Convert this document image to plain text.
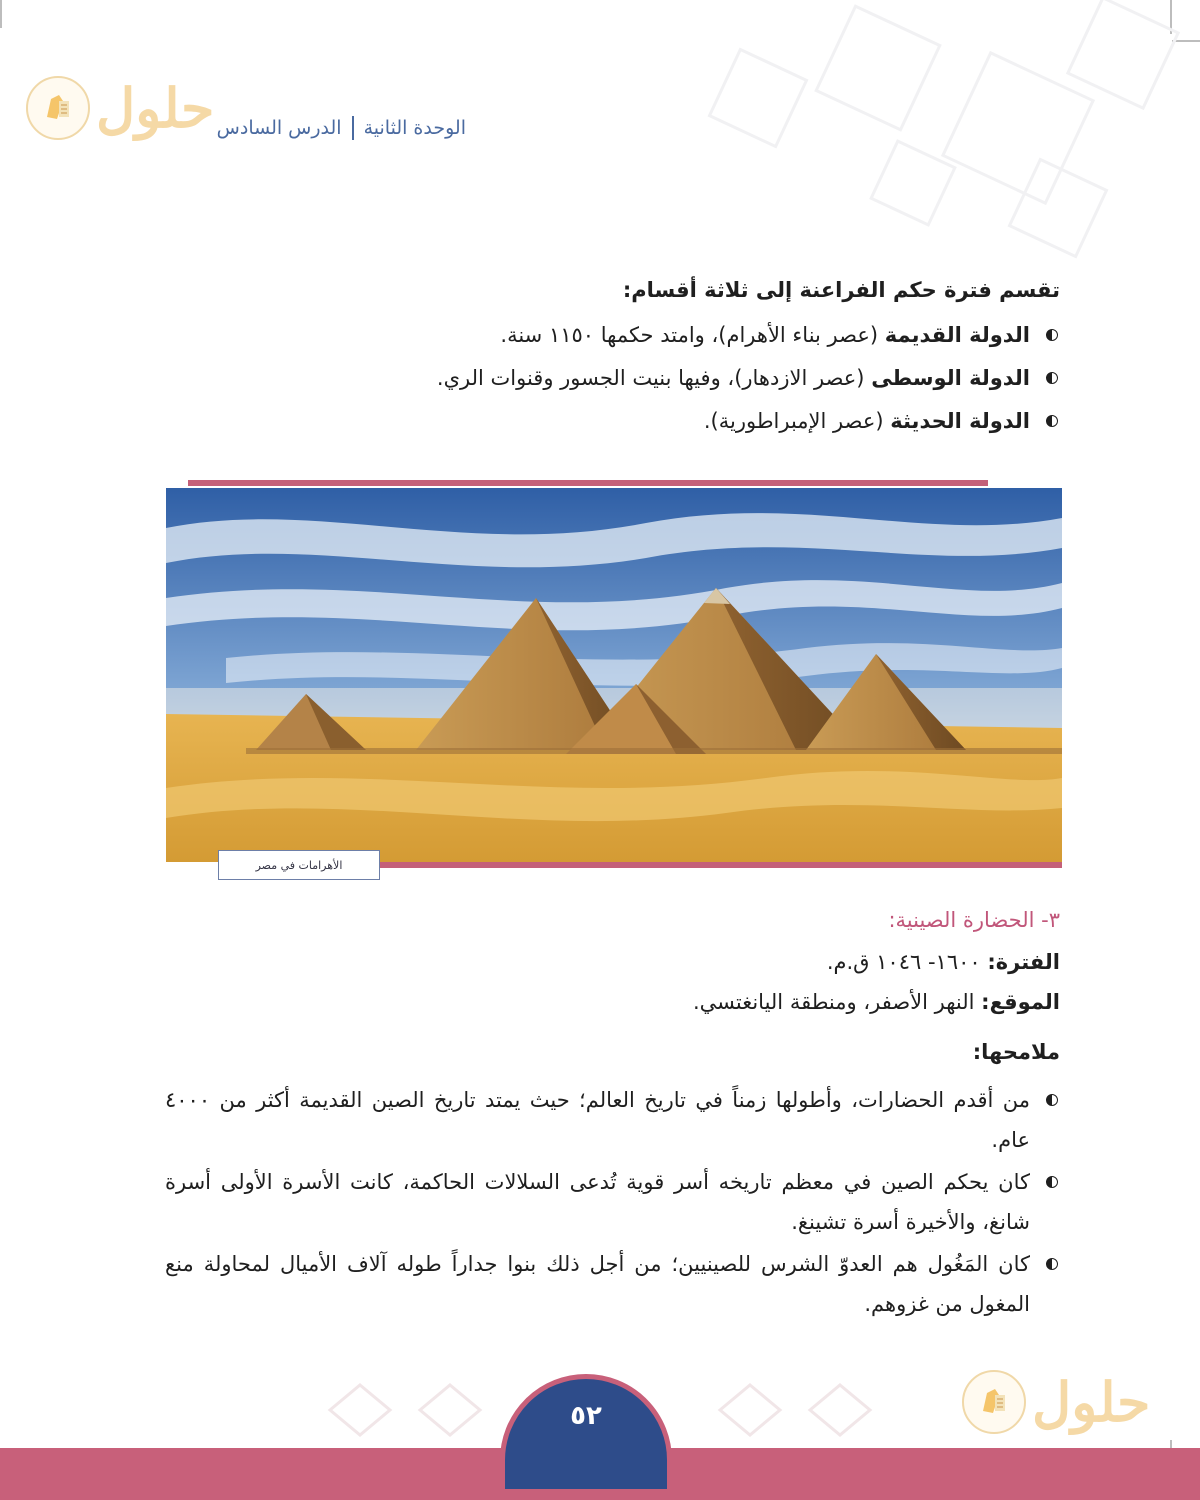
حلول	الوحدة الثانية
الدرس السادس
تقسم فترة حكم الفراعنة إلى ثلاثة أقسام:
الدولة القديمة (عصر بناء الأهرام)، وامتد حكمها ١١٥٠ سنة.
الدولة الوسطى (عصر الازدهار)، وفيها بنيت الجسور وقنوات الري.
الدولة الحديثة (عصر الإمبراطورية).
الأهرامات في مصر
٣- الحضارة الصينية:
الفترة: ١٦٠٠- ١٠٤٦ ق.م.
الموقع: النهر الأصفر، ومنطقة اليانغتسي.
ملامحها:
من أقدم الحضارات، وأطولها زمناً في تاريخ العالم؛ حيث يمتد تاريخ الصين القديمة أكثر من ٤٠٠٠ عام.
كان يحكم الصين في معظم تاريخه أسر قوية تُدعى السلالات الحاكمة، كانت الأسرة الأولى أسرة شانغ، والأخيرة أسرة تشينغ.
كان المَغُول هم العدوّ الشرس للصينيين؛ من أجل ذلك بنوا جداراً طوله آلاف الأميال لمحاولة منع المغول من غزوهم.
حلول
٥٢
